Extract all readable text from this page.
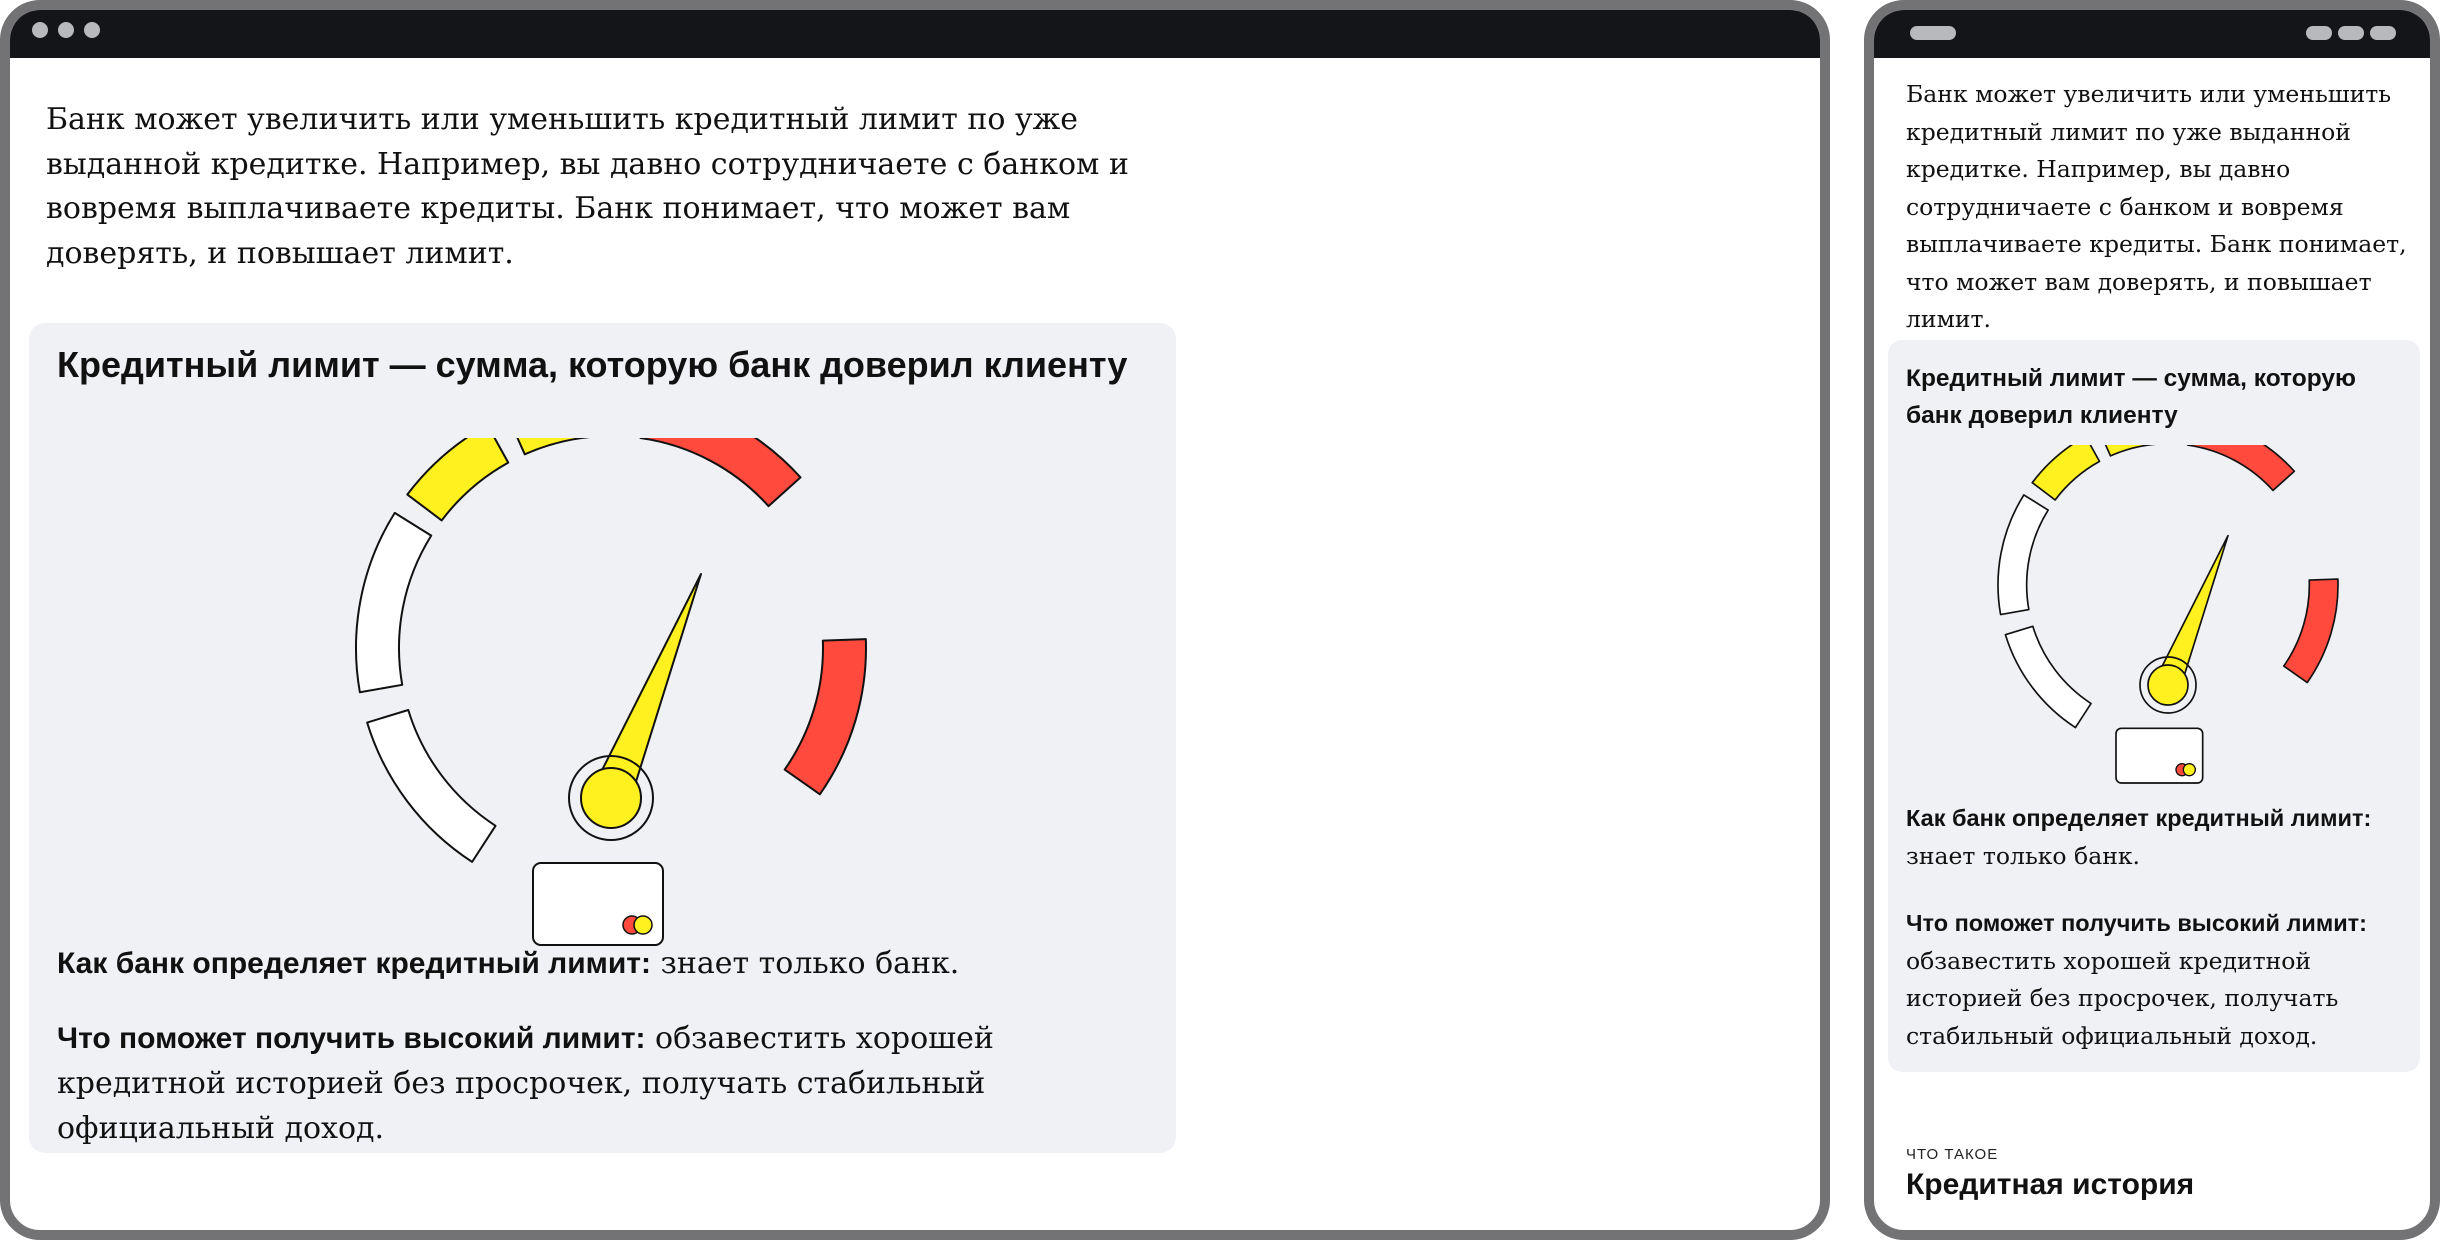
Банк может увеличить или уменьшить кредитный лимит по уже выданной кредитке. Например, вы давно сотрудничаете с банком и вовремя выплачиваете кредиты. Банк понимает, что может вам доверять, и повышает лимит.

Кредитный лимит — сумма, которую банк доверил клиенту

Как банк определяет кредитный лимит: знает только банк.

Что поможет получить высокий лимит: обзавестить хорошей кредитной историей без просрочек, получать стабильный официальный доход.

Банк может увеличить или уменьшить кредитный лимит по уже выданной кредитке. Например, вы давно сотрудничаете с банком и вовремя выплачиваете кредиты. Банк понимает, что может вам доверять, и повышает лимит.

Кредитный лимит — сумма, которую банк доверил клиенту

Как банк определяет кредитный лимит: знает только банк.

Что поможет получить высокий лимит: обзавестить хорошей кредитной историей без просрочек, получать стабильный официальный доход.

ЧТО ТАКОЕ

Кредитная история
